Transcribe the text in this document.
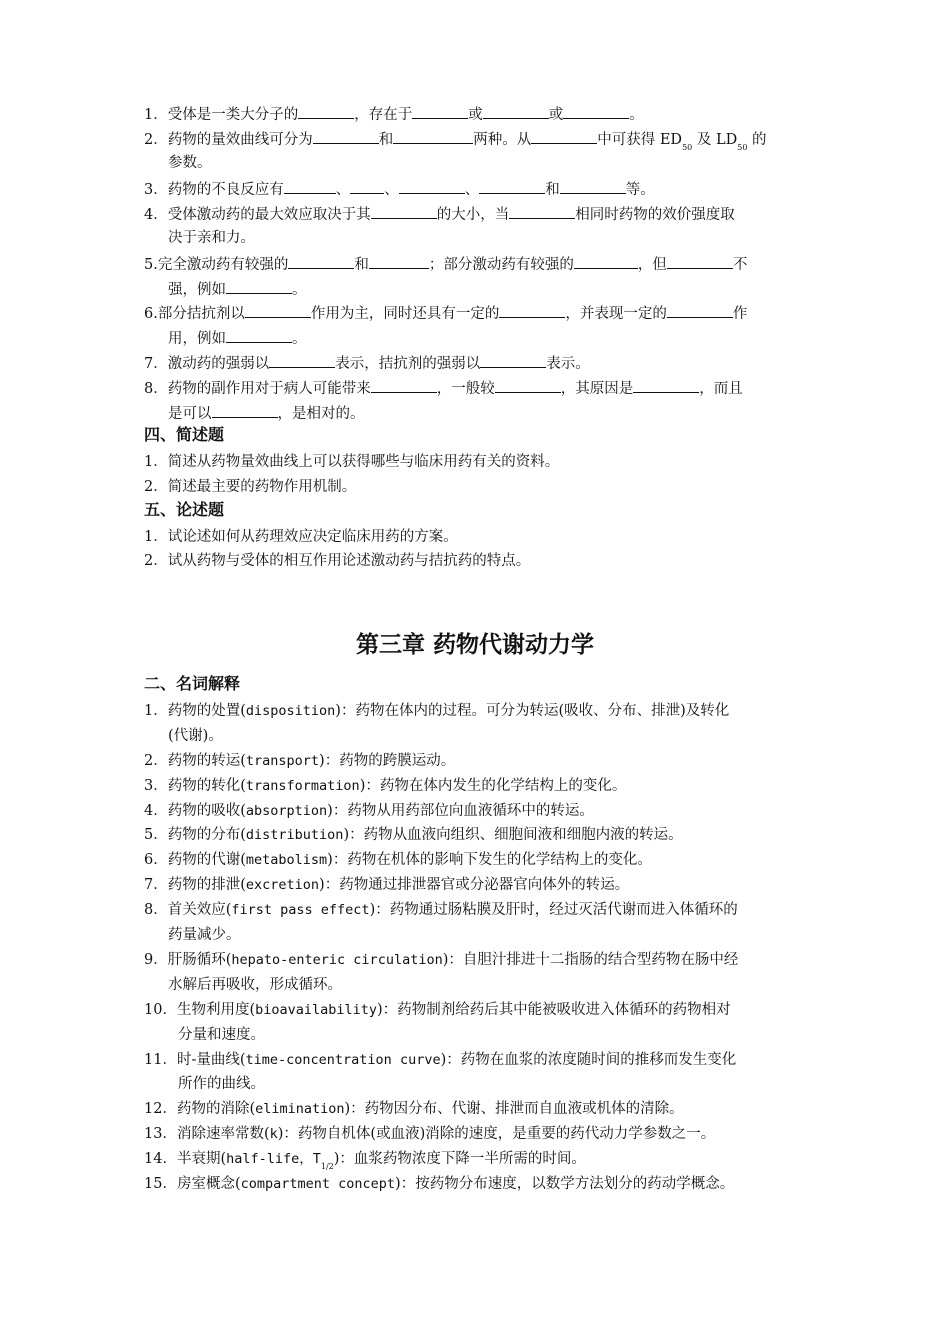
1．受体是一类大分子的	，存在于	或	或	。
2．药物的量效曲线可分为	和	两种。从	中可获得 $ED_{50}$ 及 $LD_{50}$ 的
参数。
3．药物的不良反应有	、 、	、	和	等。
4．受体激动药的最大效应取决于其	的大小，当	相同时药物的效价强度取
决于亲和力。
5.完全激动药有较强的	和	；部分激动药有较强的	，但	不
强，例如	。
6.部分拮抗剂以	作用为主，同时还具有一定的	，并表现一定的	作
用，例如	。
7．激动药的强弱以	表示，拮抗剂的强弱以	表示。
8．药物的副作用对于病人可能带来	，一般较	，其原因是	，而且
是可以	，是相对的。
四、简述题
1．简述从药物量效曲线上可以获得哪些与临床用药有关的资料。
2．简述最主要的药物作用机制。
五、论述题
1．试论述如何从药理效应决定临床用药的方案。
2．试从药物与受体的相互作用论述激动药与拮抗药的特点。
第三章 药物代谢动力学
二、名词解释
1．药物的处置(disposition)：药物在体内的过程。可分为转运(吸收、分布、排泄)及转化
(代谢)。
2．药物的转运(transport)：药物的跨膜运动。
3．药物的转化(transformation)：药物在体内发生的化学结构上的变化。
4．药物的吸收(absorption)：药物从用药部位向血液循环中的转运。
5．药物的分布(distribution)：药物从血液向组织、细胞间液和细胞内液的转运。
6．药物的代谢(metabolism)：药物在机体的影响下发生的化学结构上的变化。
7．药物的排泄(excretion)：药物通过排泄器官或分泌器官向体外的转运。
8．首关效应(first pass effect)：药物通过肠粘膜及肝时，经过灭活代谢而进入体循环的
药量减少。
9．肝肠循环(hepato-enteric circulation)：自胆汁排进十二指肠的结合型药物在肠中经
水解后再吸收，形成循环。
10．生物利用度(bioavailability)：药物制剂给药后其中能被吸收进入体循环的药物相对
分量和速度。
11．时-量曲线(time-concentration curve)：药物在血浆的浓度随时间的推移而发生变化
所作的曲线。
12．药物的消除(elimination)：药物因分布、代谢、排泄而自血液或机体的清除。
13．消除速率常数(k)：药物自机体(或血液)消除的速度，是重要的药代动力学参数之一。
14．半衰期(half-life，$T_{1/2}$)：血浆药物浓度下降一半所需的时间。
15．房室概念(compartment concept)：按药物分布速度，以数学方法划分的药动学概念。
